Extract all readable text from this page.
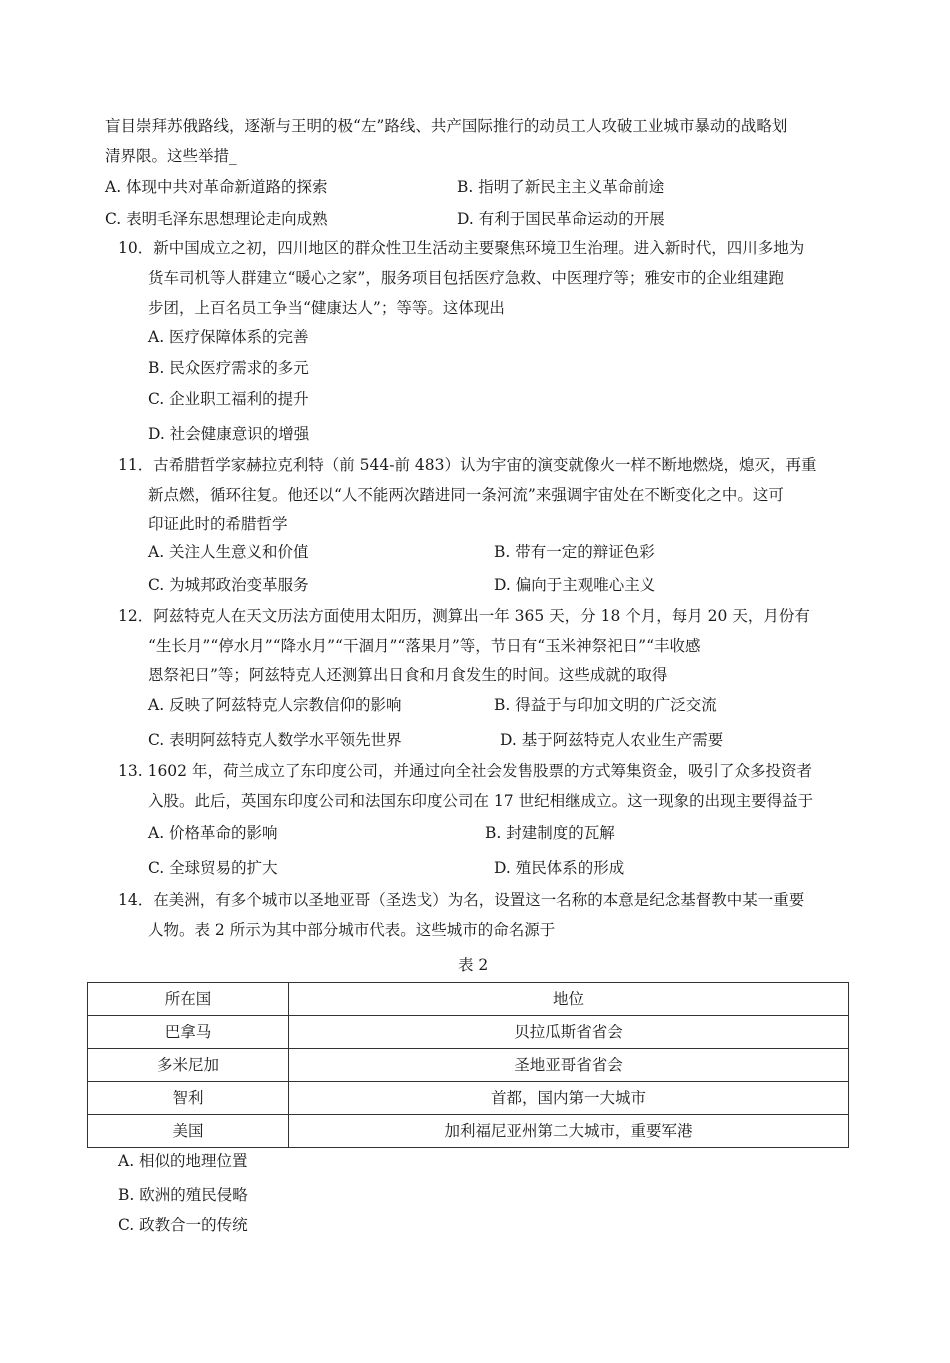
盲目崇拜苏俄路线，逐渐与王明的极“左”路线、共产国际推行的动员工人攻破工业城市暴动的战略划
清界限。这些举措_
A. 体现中共对革命新道路的探索	B. 指明了新民主主义革命前途
C. 表明毛泽东思想理论走向成熟	D. 有利于国民革命运动的开展
10．新中国成立之初，四川地区的群众性卫生活动主要聚焦环境卫生治理。进入新时代，四川多地为
货车司机等人群建立“暖心之家”，服务项目包括医疗急救、中医理疗等；雅安市的企业组建跑
步团，上百名员工争当“健康达人”；等等。这体现出
A. 医疗保障体系的完善
B. 民众医疗需求的多元
C. 企业职工福利的提升
D. 社会健康意识的增强
11．古希腊哲学家赫拉克利特（前 544-前 483）认为宇宙的演变就像火一样不断地燃烧，熄灭，再重
新点燃，循环往复。他还以“人不能两次踏进同一条河流”来强调宇宙处在不断变化之中。这可
印证此时的希腊哲学
A. 关注人生意义和价值	B. 带有一定的辩证色彩
C. 为城邦政治变革服务	D. 偏向于主观唯心主义
12．阿兹特克人在天文历法方面使用太阳历，测算出一年 365 天，分 18 个月，每月 20 天，月份有
“生长月”“停水月”“降水月”“干涸月”“落果月”等，节日有“玉米神祭祀日”“丰收感
恩祭祀日”等；阿兹特克人还测算出日食和月食发生的时间。这些成就的取得
A. 反映了阿兹特克人宗教信仰的影响	B. 得益于与印加文明的广泛交流
C. 表明阿兹特克人数学水平领先世界	D. 基于阿兹特克人农业生产需要
13. 1602 年，荷兰成立了东印度公司，并通过向全社会发售股票的方式筹集资金，吸引了众多投资者
入股。此后，英国东印度公司和法国东印度公司在 17 世纪相继成立。这一现象的出现主要得益于
A. 价格革命的影响	B. 封建制度的瓦解
C. 全球贸易的扩大	D. 殖民体系的形成
14．在美洲，有多个城市以圣地亚哥（圣迭戈）为名，设置这一名称的本意是纪念基督教中某一重要
人物。表 2 所示为其中部分城市代表。这些城市的命名源于
表 2
所在国	地位
巴拿马	贝拉瓜斯省省会
多米尼加	圣地亚哥省省会
智利	首都，国内第一大城市
美国	加利福尼亚州第二大城市，重要军港
A. 相似的地理位置
B. 欧洲的殖民侵略
C. 政教合一的传统
